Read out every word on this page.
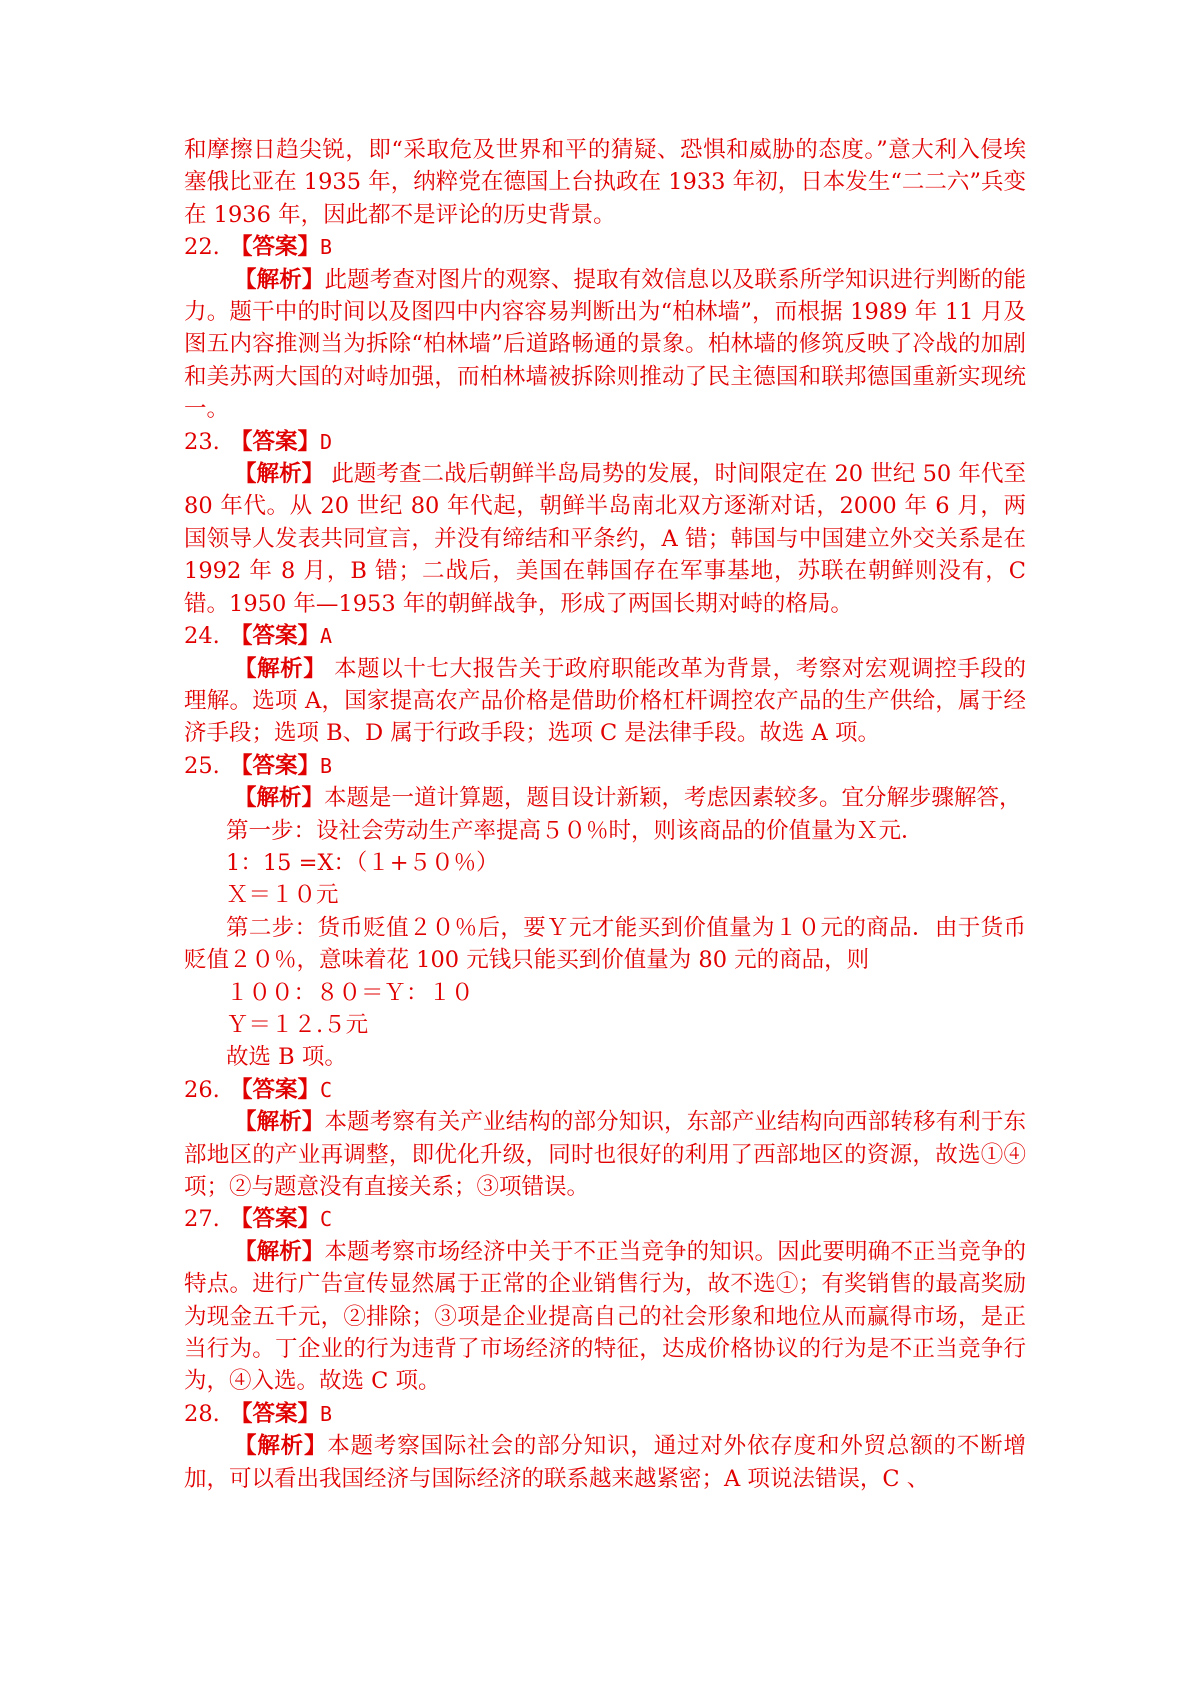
和摩擦日趋尖锐，即“采取危及世界和平的猜疑、恐惧和威胁的态度。”意大利入侵埃塞俄比亚在 1935 年，纳粹党在德国上台执政在 1933 年初，日本发生“二二六”兵变在 1936 年，因此都不是评论的历史背景。

22. 【答案】B

【解析】此题考查对图片的观察、提取有效信息以及联系所学知识进行判断的能力。题干中的时间以及图四中内容容易判断出为“柏林墙”，而根据 1989 年 11 月及图五内容推测当为拆除“柏林墙”后道路畅通的景象。柏林墙的修筑反映了冷战的加剧和美苏两大国的对峙加强，而柏林墙被拆除则推动了民主德国和联邦德国重新实现统一。

23. 【答案】D

【解析】 此题考查二战后朝鲜半岛局势的发展，时间限定在 20 世纪 50 年代至 80 年代。从 20 世纪 80 年代起，朝鲜半岛南北双方逐渐对话，2000 年 6 月，两国领导人发表共同宣言，并没有缔结和平条约，A 错；韩国与中国建立外交关系是在 1992 年 8 月，B 错；二战后，美国在韩国存在军事基地，苏联在朝鲜则没有，C 错。1950 年—1953 年的朝鲜战争，形成了两国长期对峙的格局。

24. 【答案】A

【解析】 本题以十七大报告关于政府职能改革为背景，考察对宏观调控手段的理解。选项 A，国家提高农产品价格是借助价格杠杆调控农产品的生产供给，属于经济手段；选项 B、D 属于行政手段；选项 C 是法律手段。故选 A 项。

25. 【答案】B

【解析】本题是一道计算题，题目设计新颖，考虑因素较多。宜分解步骤解答，

第一步：设社会劳动生产率提高５０％时，则该商品的价值量为Ｘ元．

1：15 =X：（１+５０％）

Ｘ＝１０元

第二步：货币贬值２０％后，要Ｙ元才能买到价值量为１０元的商品．由于货币贬值２０％，意味着花 100 元钱只能买到价值量为 80 元的商品，则

１００：８０＝Ｙ：１０

Ｙ＝１２.５元

故选 B 项。

26. 【答案】C

【解析】本题考察有关产业结构的部分知识，东部产业结构向西部转移有利于东部地区的产业再调整，即优化升级，同时也很好的利用了西部地区的资源，故选①④项；②与题意没有直接关系；③项错误。

27. 【答案】C

【解析】本题考察市场经济中关于不正当竞争的知识。因此要明确不正当竞争的特点。进行广告宣传显然属于正常的企业销售行为，故不选①；有奖销售的最高奖励为现金五千元，②排除；③项是企业提高自己的社会形象和地位从而赢得市场，是正当行为。丁企业的行为违背了市场经济的特征，达成价格协议的行为是不正当竞争行为，④入选。故选 C 项。

28. 【答案】B

【解析】本题考察国际社会的部分知识，通过对外依存度和外贸总额的不断增加，可以看出我国经济与国际经济的联系越来越紧密；A 项说法错误，C 、
